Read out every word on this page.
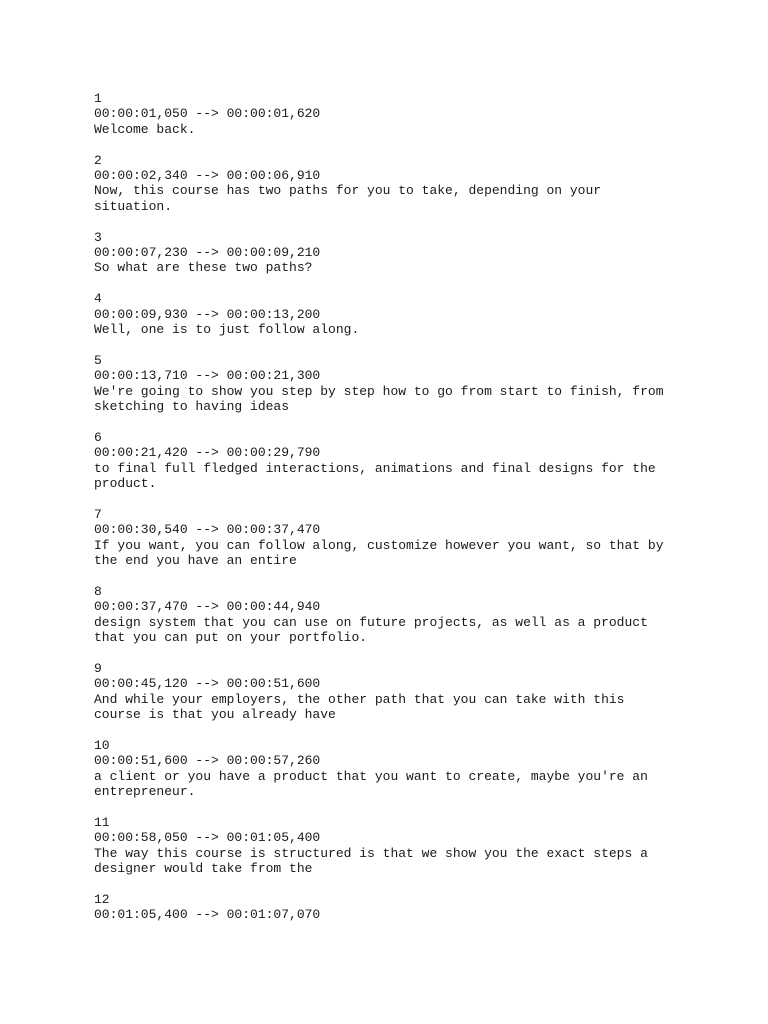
1
00:00:01,050 --> 00:00:01,620
Welcome back.
2
00:00:02,340 --> 00:00:06,910
Now, this course has two paths for you to take, depending on your
situation.
3
00:00:07,230 --> 00:00:09,210
So what are these two paths?
4
00:00:09,930 --> 00:00:13,200
Well, one is to just follow along.
5
00:00:13,710 --> 00:00:21,300
We're going to show you step by step how to go from start to finish, from
sketching to having ideas
6
00:00:21,420 --> 00:00:29,790
to final full fledged interactions, animations and final designs for the
product.
7
00:00:30,540 --> 00:00:37,470
If you want, you can follow along, customize however you want, so that by
the end you have an entire
8
00:00:37,470 --> 00:00:44,940
design system that you can use on future projects, as well as a product
that you can put on your portfolio.
9
00:00:45,120 --> 00:00:51,600
And while your employers, the other path that you can take with this
course is that you already have
10
00:00:51,600 --> 00:00:57,260
a client or you have a product that you want to create, maybe you're an
entrepreneur.
11
00:00:58,050 --> 00:01:05,400
The way this course is structured is that we show you the exact steps a
designer would take from the
12
00:01:05,400 --> 00:01:07,070
